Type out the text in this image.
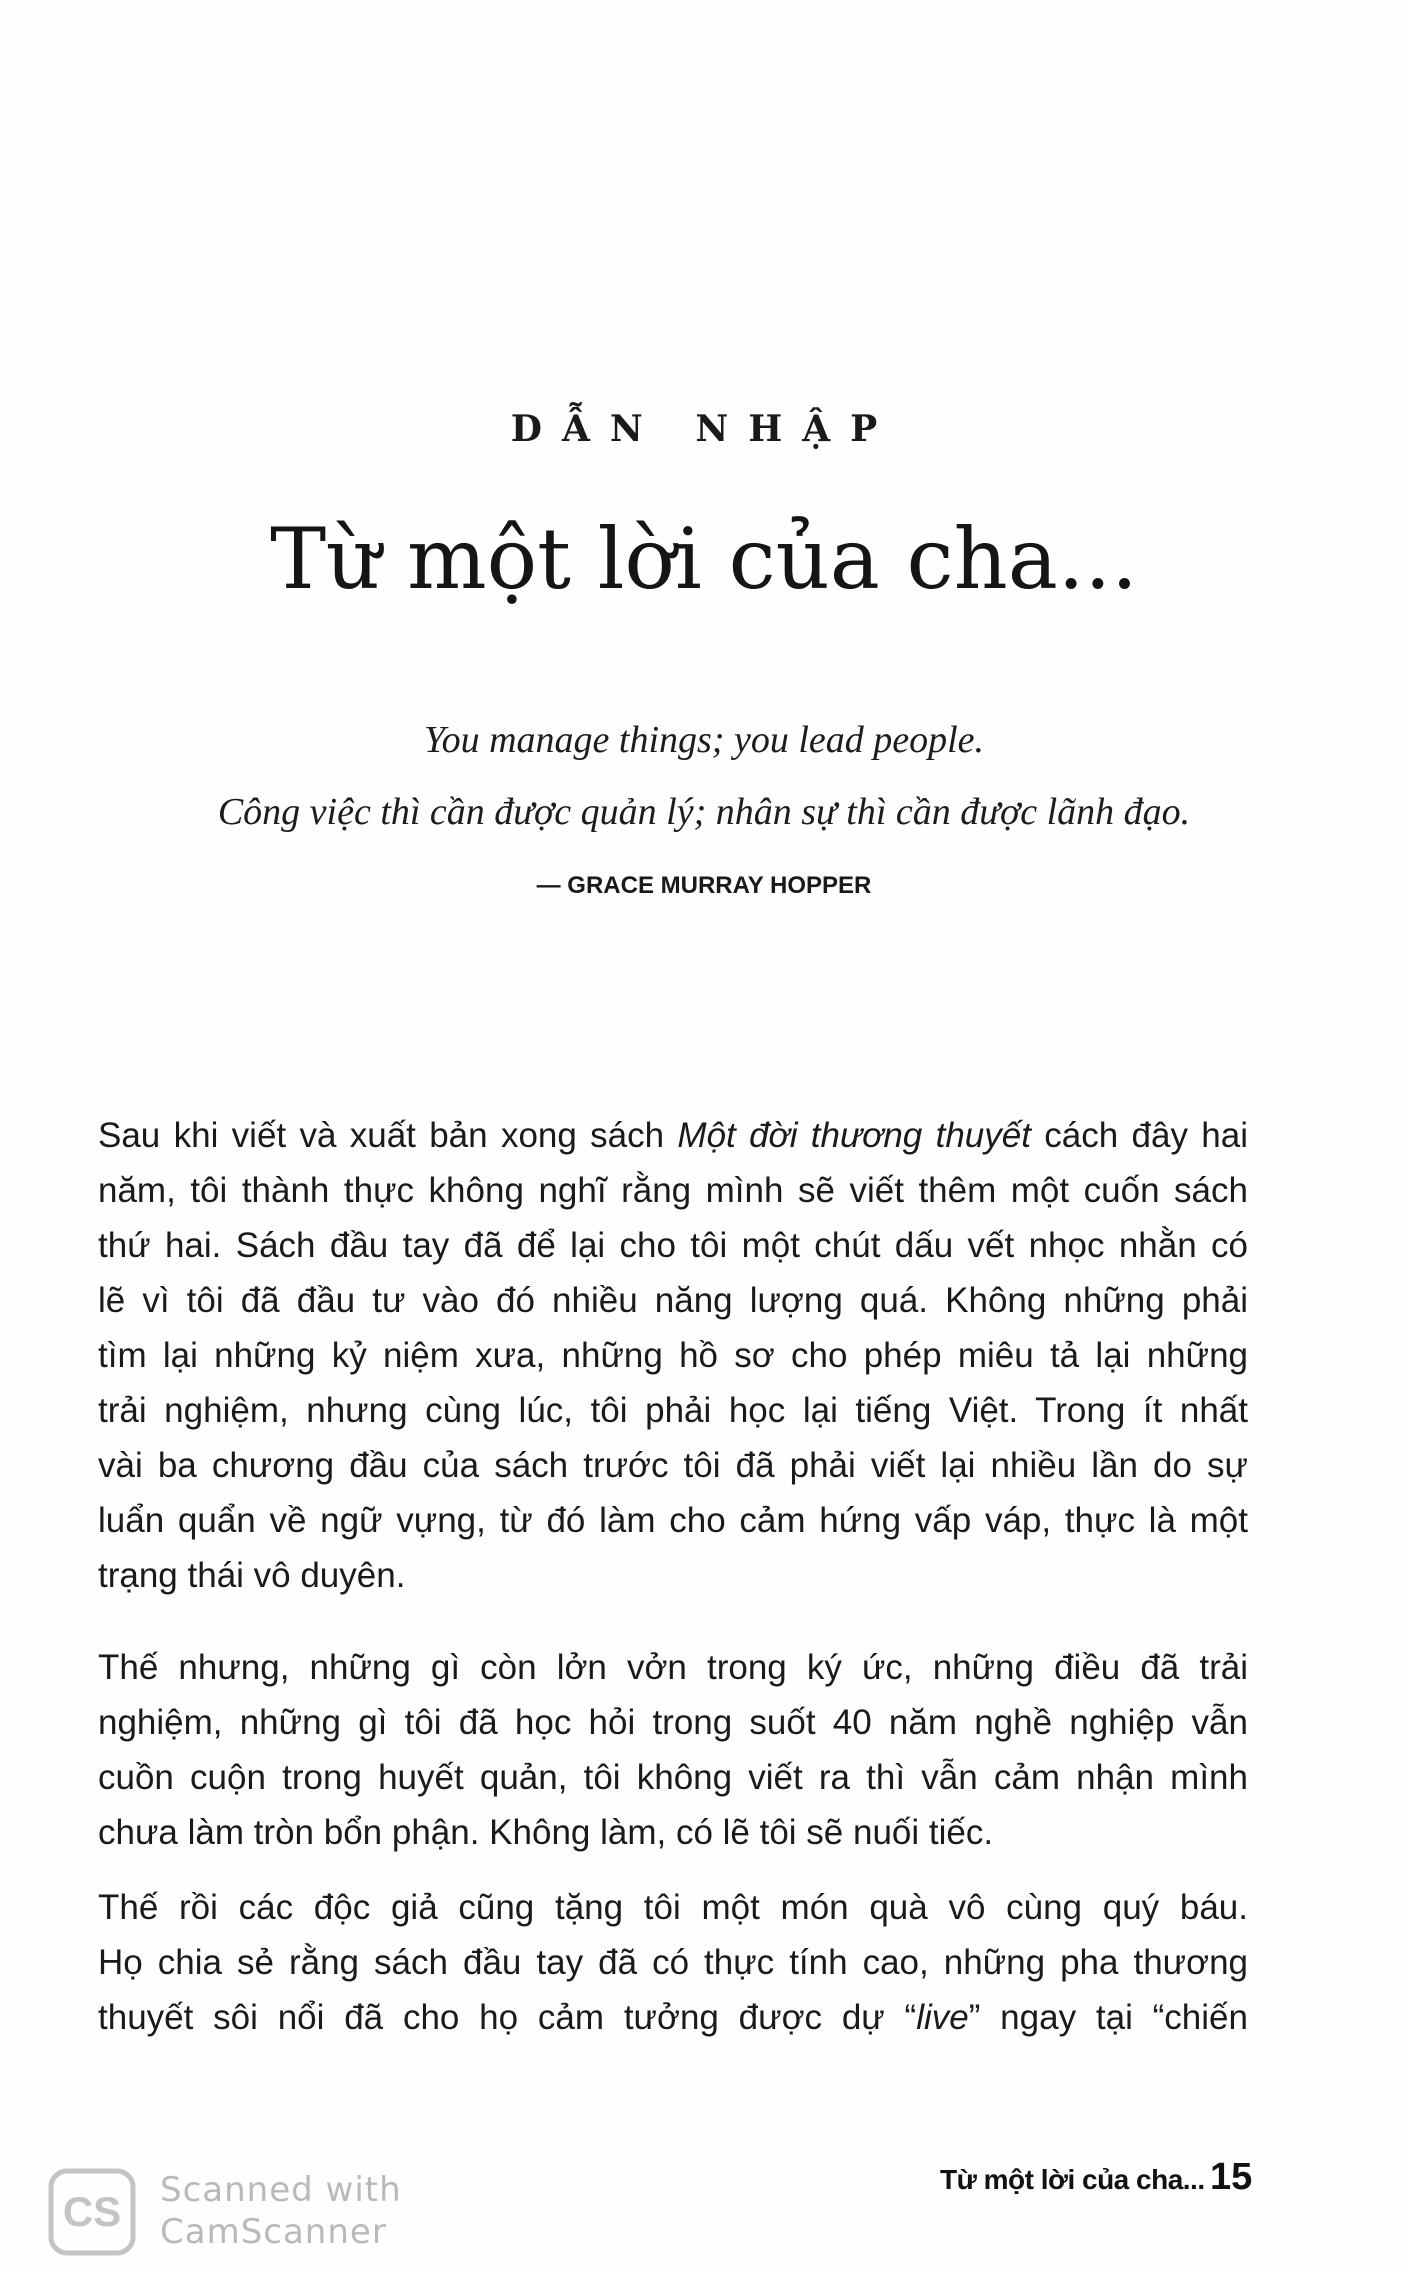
DẪN NHẬP
Từ một lời của cha...
You manage things; you lead people.
Công việc thì cần được quản lý; nhân sự thì cần được lãnh đạo.
— GRACE MURRAY HOPPER
Sau khi viết và xuất bản xong sách Một đời thương thuyết cách đây hai
năm, tôi thành thực không nghĩ rằng mình sẽ viết thêm một cuốn sách
thứ hai. Sách đầu tay đã để lại cho tôi một chút dấu vết nhọc nhằn có
lẽ vì tôi đã đầu tư vào đó nhiều năng lượng quá. Không những phải
tìm lại những kỷ niệm xưa, những hồ sơ cho phép miêu tả lại những
trải nghiệm, nhưng cùng lúc, tôi phải học lại tiếng Việt. Trong ít nhất
vài ba chương đầu của sách trước tôi đã phải viết lại nhiều lần do sự
luẩn quẩn về ngữ vựng, từ đó làm cho cảm hứng vấp váp, thực là một
trạng thái vô duyên.
Thế nhưng, những gì còn lởn vởn trong ký ức, những điều đã trải
nghiệm, những gì tôi đã học hỏi trong suốt 40 năm nghề nghiệp vẫn
cuồn cuộn trong huyết quản, tôi không viết ra thì vẫn cảm nhận mình
chưa làm tròn bổn phận. Không làm, có lẽ tôi sẽ nuối tiếc.
Thế rồi các độc giả cũng tặng tôi một món quà vô cùng quý báu.
Họ chia sẻ rằng sách đầu tay đã có thực tính cao, những pha thương
thuyết sôi nổi đã cho họ cảm tưởng được dự “live” ngay tại “chiến
Từ một lời của cha... 15
CS Scanned with
CamScanner
